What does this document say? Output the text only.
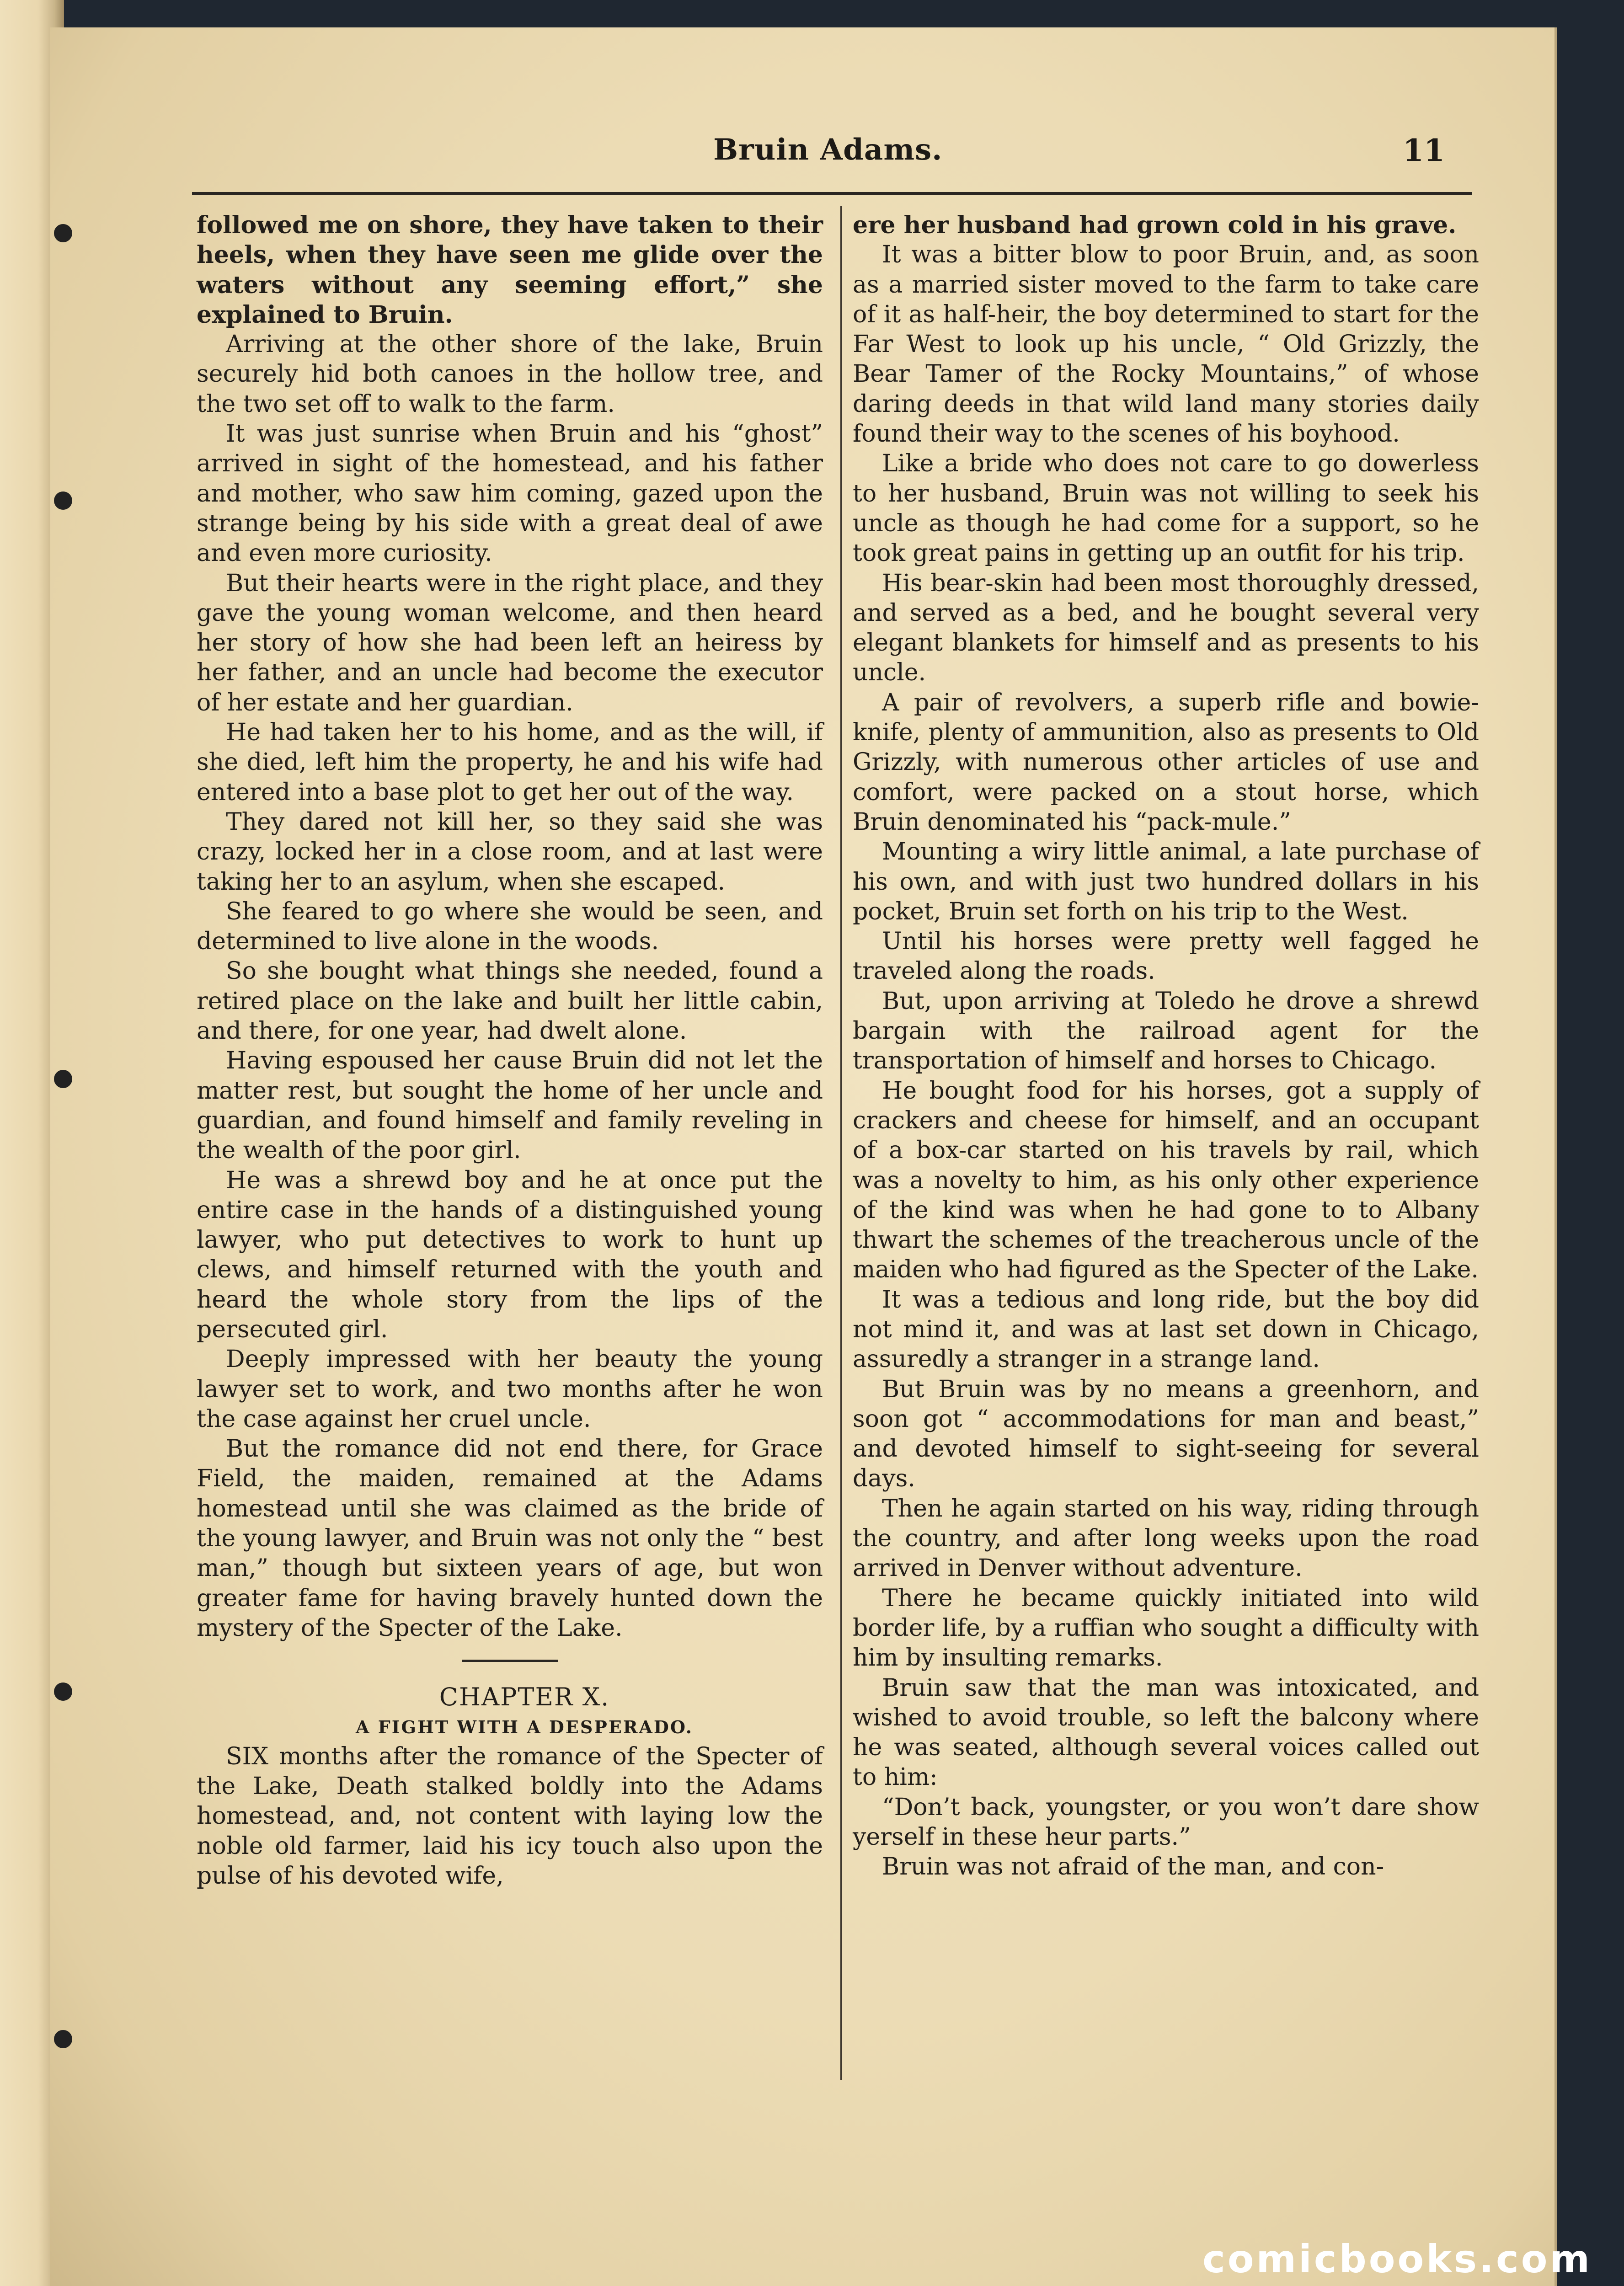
Bruin Adams.	11

followed me on shore, they have taken to their heels, when they have seen me glide over the waters without any seeming effort,” she explained to Bruin.

Arriving at the other shore of the lake, Bruin securely hid both canoes in the hollow tree, and the two set off to walk to the farm.

It was just sunrise when Bruin and his “ghost” arrived in sight of the homestead, and his father and mother, who saw him coming, gazed upon the strange being by his side with a great deal of awe and even more curiosity.

But their hearts were in the right place, and they gave the young woman welcome, and then heard her story of how she had been left an heiress by her father, and an uncle had become the executor of her estate and her guardian.

He had taken her to his home, and as the will, if she died, left him the property, he and his wife had entered into a base plot to get her out of the way.

They dared not kill her, so they said she was crazy, locked her in a close room, and at last were taking her to an asylum, when she escaped.

She feared to go where she would be seen, and determined to live alone in the woods.

So she bought what things she needed, found a retired place on the lake and built her little cabin, and there, for one year, had dwelt alone.

Having espoused her cause Bruin did not let the matter rest, but sought the home of her uncle and guardian, and found himself and family reveling in the wealth of the poor girl.

He was a shrewd boy and he at once put the entire case in the hands of a distinguished young lawyer, who put detectives to work to hunt up clews, and himself returned with the youth and heard the whole story from the lips of the persecuted girl.

Deeply impressed with her beauty the young lawyer set to work, and two months after he won the case against her cruel uncle.

But the romance did not end there, for Grace Field, the maiden, remained at the Adams homestead until she was claimed as the bride of the young lawyer, and Bruin was not only the “ best man,” though but sixteen years of age, but won greater fame for having bravely hunted down the mystery of the Specter of the Lake.

CHAPTER X.

A FIGHT WITH A DESPERADO.

SIX months after the romance of the Specter of the Lake, Death stalked boldly into the Adams homestead, and, not content with laying low the noble old farmer, laid his icy touch also upon the pulse of his devoted wife,

ere her husband had grown cold in his grave.

It was a bitter blow to poor Bruin, and, as soon as a married sister moved to the farm to take care of it as half-heir, the boy determined to start for the Far West to look up his uncle, “ Old Grizzly, the Bear Tamer of the Rocky Mountains,” of whose daring deeds in that wild land many stories daily found their way to the scenes of his boyhood.

Like a bride who does not care to go dowerless to her husband, Bruin was not willing to seek his uncle as though he had come for a support, so he took great pains in getting up an outfit for his trip.

His bear-skin had been most thoroughly dressed, and served as a bed, and he bought several very elegant blankets for himself and as presents to his uncle.

A pair of revolvers, a superb rifle and bowie-knife, plenty of ammunition, also as presents to Old Grizzly, with numerous other articles of use and comfort, were packed on a stout horse, which Bruin denominated his “pack-mule.”

Mounting a wiry little animal, a late purchase of his own, and with just two hundred dollars in his pocket, Bruin set forth on his trip to the West.

Until his horses were pretty well fagged he traveled along the roads.

But, upon arriving at Toledo he drove a shrewd bargain with the railroad agent for the transportation of himself and horses to Chicago.

He bought food for his horses, got a supply of crackers and cheese for himself, and an occupant of a box-car started on his travels by rail, which was a novelty to him, as his only other experience of the kind was when he had gone to to Albany thwart the schemes of the treacherous uncle of the maiden who had figured as the Specter of the Lake.

It was a tedious and long ride, but the boy did not mind it, and was at last set down in Chicago, assuredly a stranger in a strange land.

But Bruin was by no means a greenhorn, and soon got “ accommodations for man and beast,” and devoted himself to sight-seeing for several days.

Then he again started on his way, riding through the country, and after long weeks upon the road arrived in Denver without adventure.

There he became quickly initiated into wild border life, by a ruffian who sought a difficulty with him by insulting remarks.

Bruin saw that the man was intoxicated, and wished to avoid trouble, so left the balcony where he was seated, although several voices called out to him:

“Don’t back, youngster, or you won’t dare show yerself in these heur parts.”

Bruin was not afraid of the man, and con-

comicbooks.com
